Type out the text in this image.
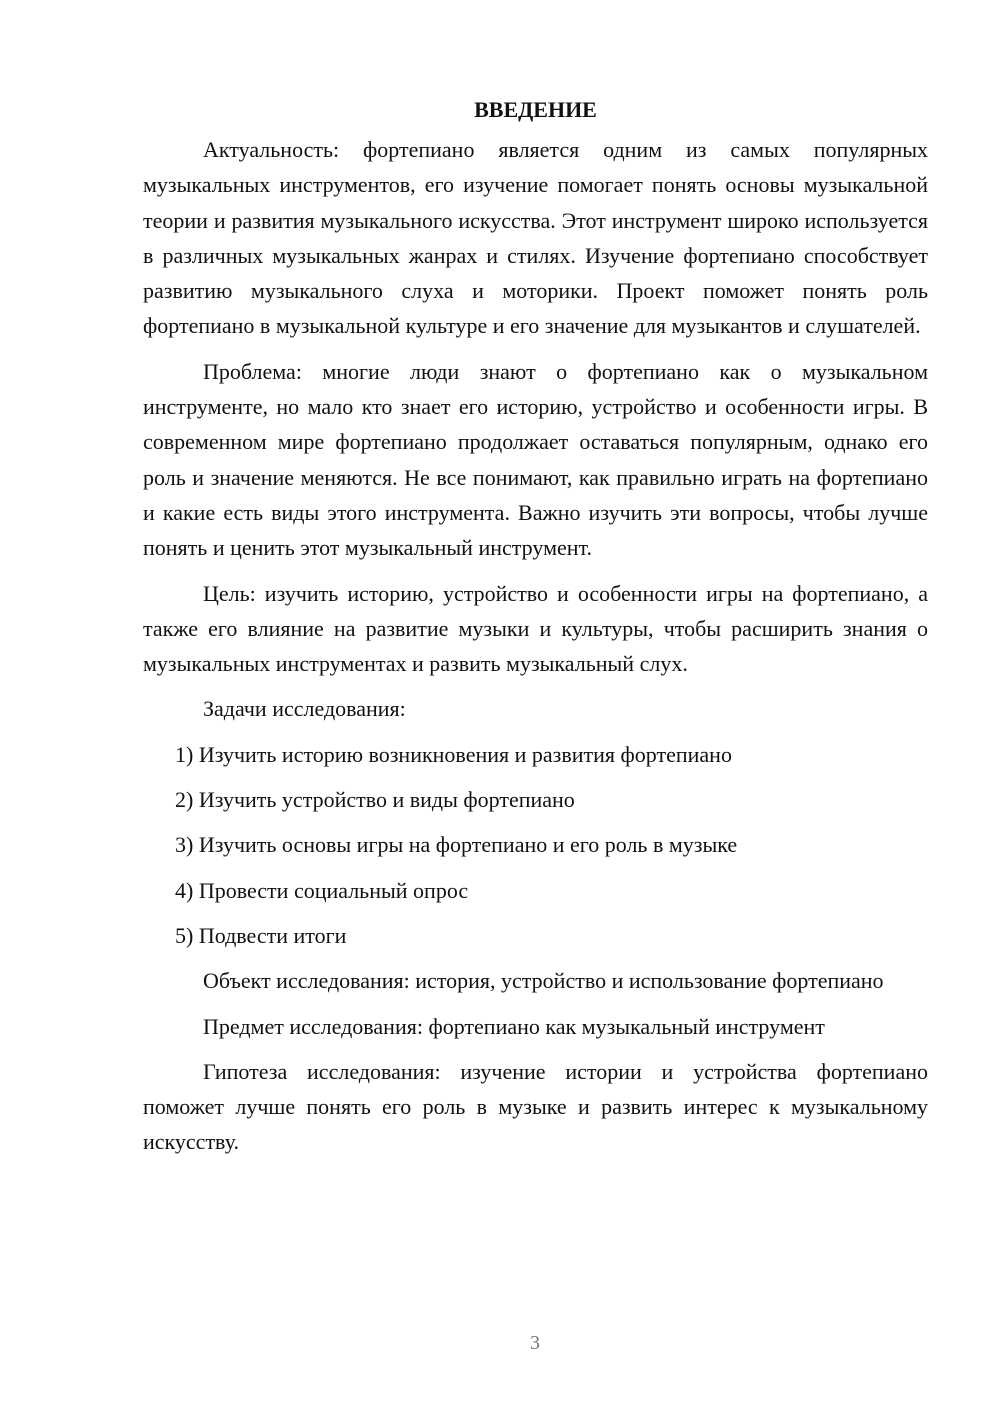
ВВЕДЕНИЕ

Актуальность: фортепиано является одним из самых популярных музыкальных инструментов, его изучение помогает понять основы музыкальной теории и развития музыкального искусства. Этот инструмент широко используется в различных музыкальных жанрах и стилях. Изучение фортепиано способствует развитию музыкального слуха и моторики. Проект поможет понять роль фортепиано в музыкальной культуре и его значение для музыкантов и слушателей.

Проблема: многие люди знают о фортепиано как о музыкальном инструменте, но мало кто знает его историю, устройство и особенности игры. В современном мире фортепиано продолжает оставаться популярным, однако его роль и значение меняются. Не все понимают, как правильно играть на фортепиано и какие есть виды этого инструмента. Важно изучить эти вопросы, чтобы лучше понять и ценить этот музыкальный инструмент.

Цель: изучить историю, устройство и особенности игры на фортепиано, а также его влияние на развитие музыки и культуры, чтобы расширить знания о музыкальных инструментах и развить музыкальный слух.

Задачи исследования:

1) Изучить историю возникновения и развития фортепиано
2) Изучить устройство и виды фортепиано
3) Изучить основы игры на фортепиано и его роль в музыке
4) Провести социальный опрос
5) Подвести итоги

Объект исследования: история, устройство и использование фортепиано

Предмет исследования: фортепиано как музыкальный инструмент

Гипотеза исследования: изучение истории и устройства фортепиано поможет лучше понять его роль в музыке и развить интерес к музыкальному искусству.

3
